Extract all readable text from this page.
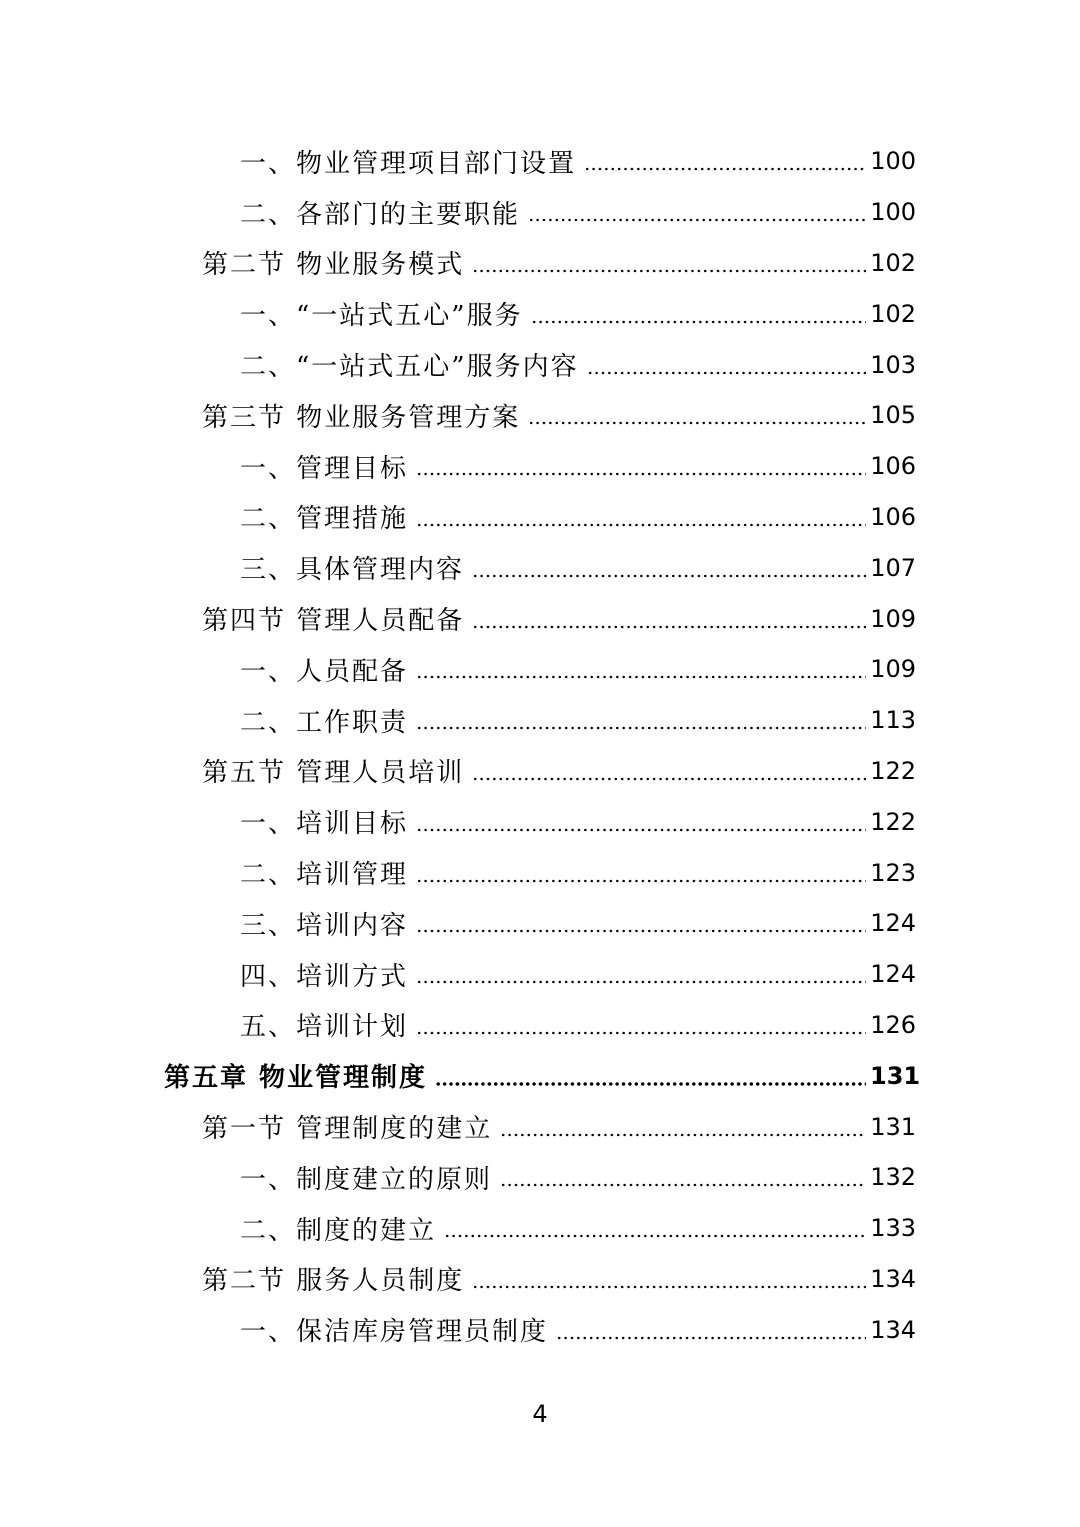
一、物业管理项目部门设置	100
二、各部门的主要职能	100
第二节 物业服务模式	102
一、“一站式五心”服务	102
二、“一站式五心”服务内容	103
第三节 物业服务管理方案	105
一、管理目标	106
二、管理措施	106
三、具体管理内容	107
第四节 管理人员配备	109
一、人员配备	109
二、工作职责	113
第五节 管理人员培训	122
一、培训目标	122
二、培训管理	123
三、培训内容	124
四、培训方式	124
五、培训计划	126
第五章 物业管理制度	131
第一节 管理制度的建立	131
一、制度建立的原则	132
二、制度的建立	133
第二节 服务人员制度	134
一、保洁库房管理员制度	134
4
